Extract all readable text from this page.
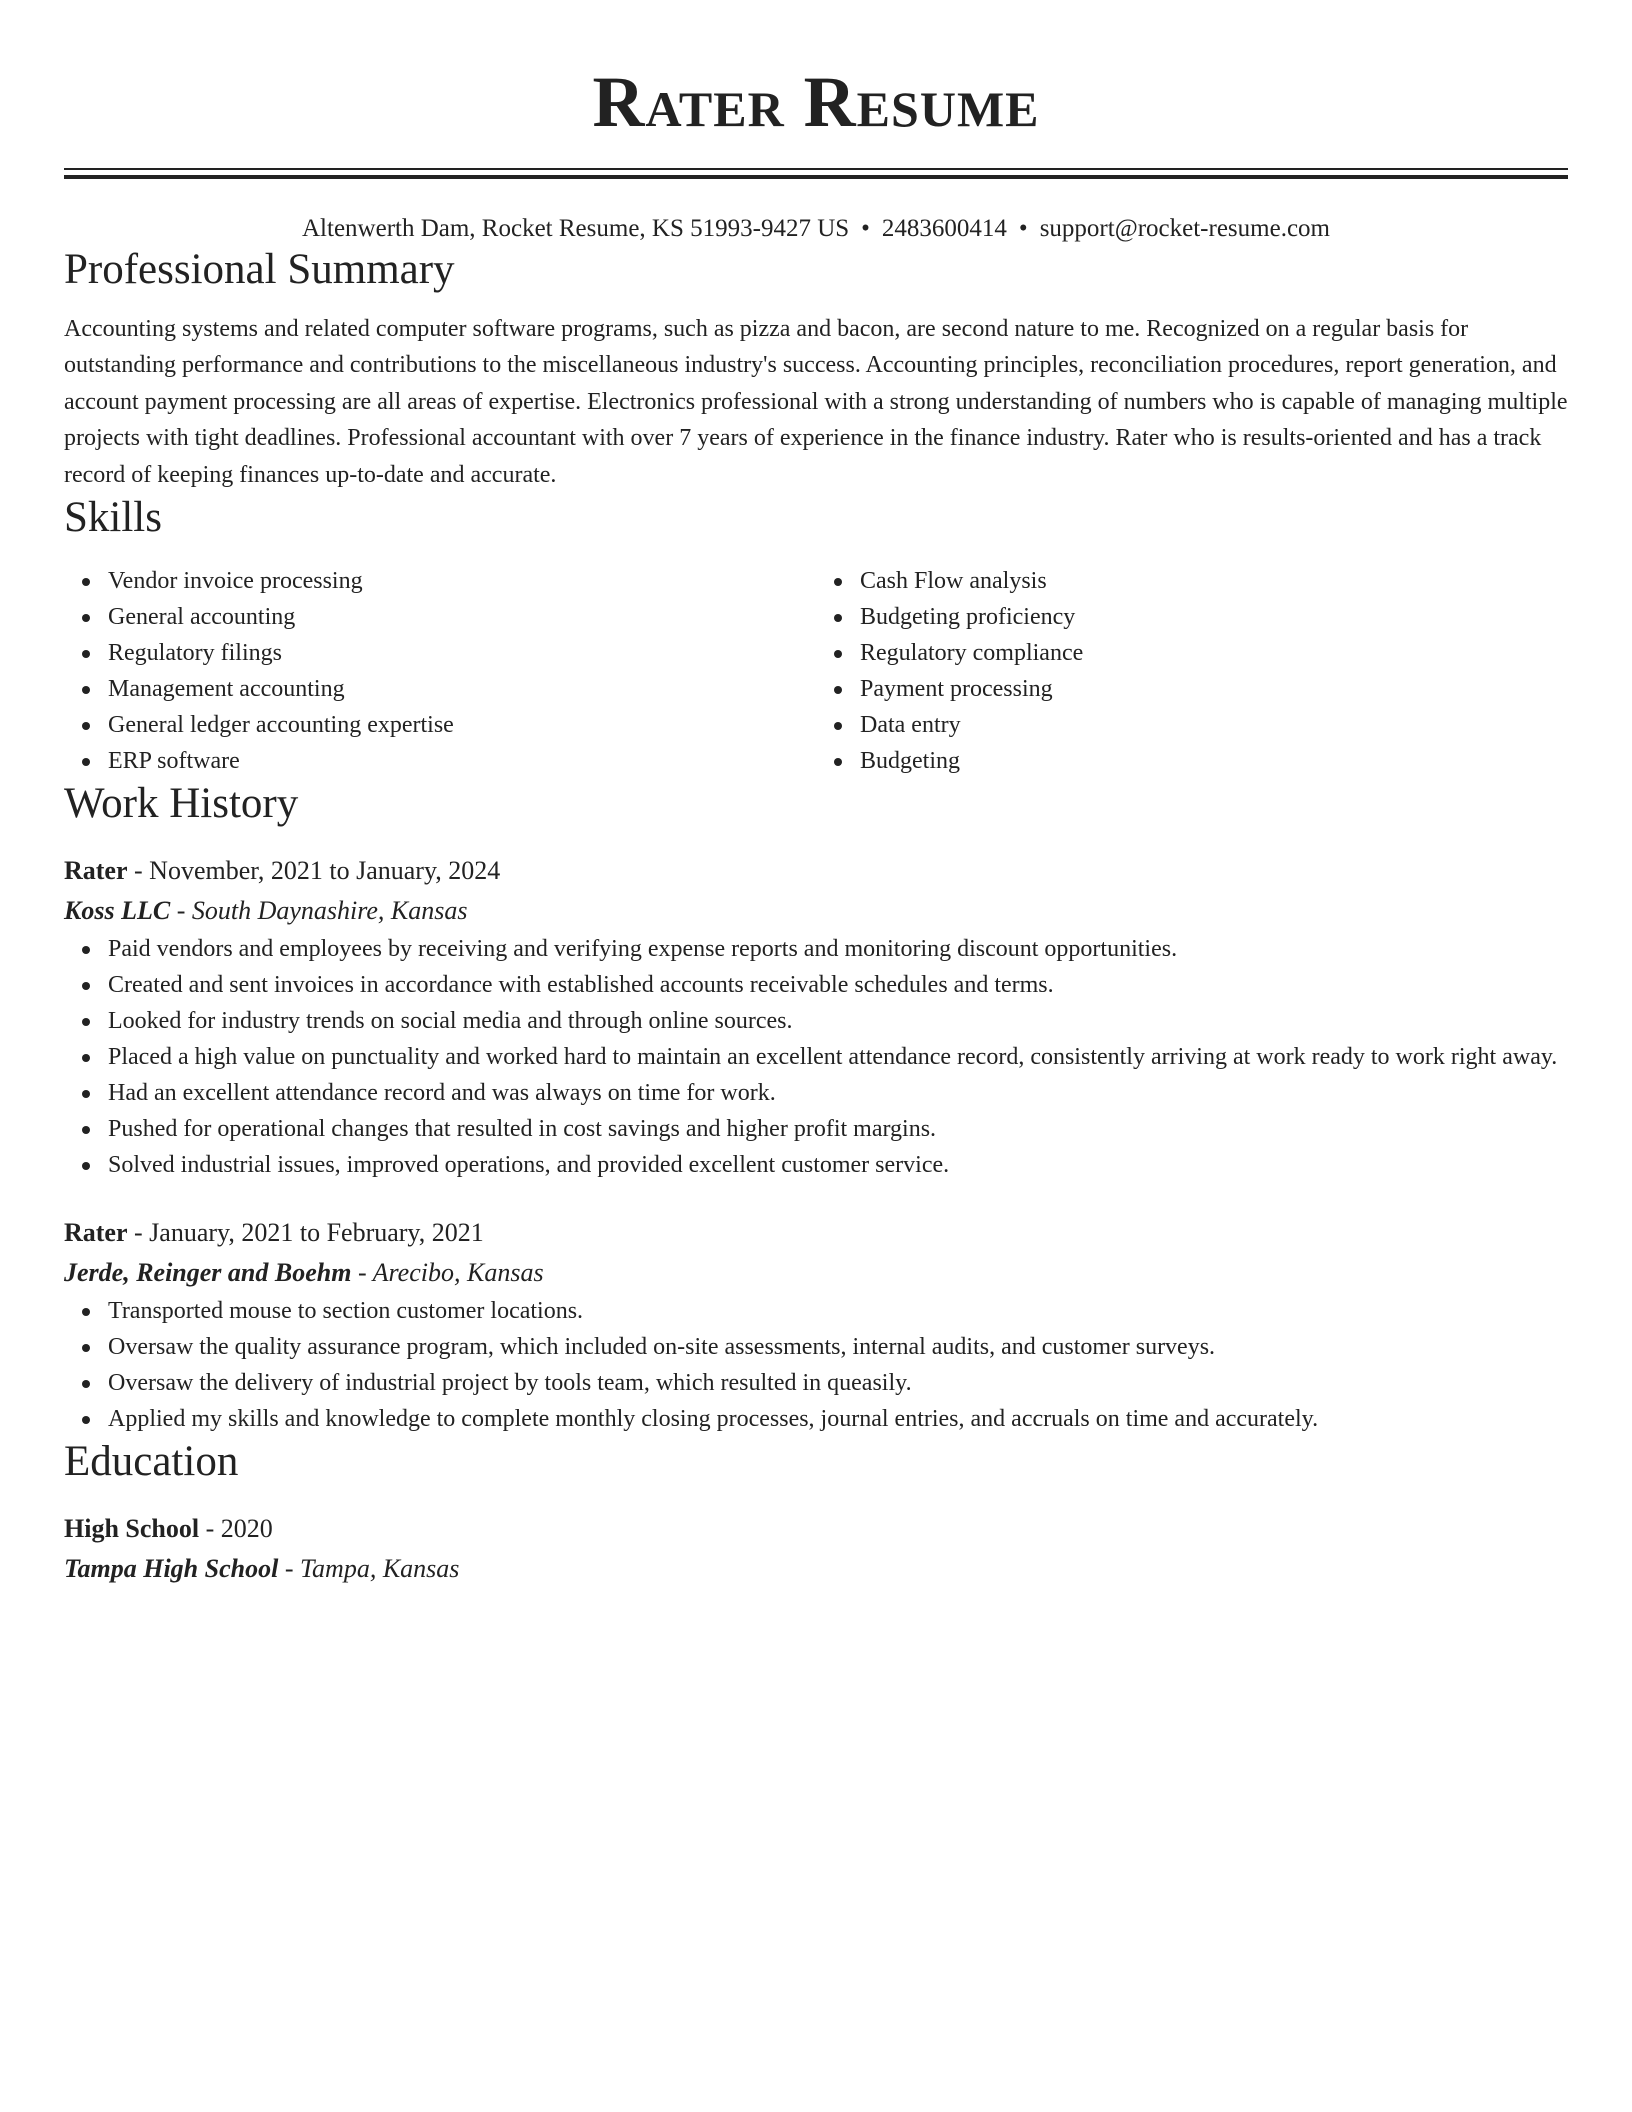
Rater Resume
Altenwerth Dam, Rocket Resume, KS 51993-9427 US • 2483600414 • support@rocket-resume.com
Professional Summary

Accounting systems and related computer software programs, such as pizza and bacon, are second nature to me. Recognized on a regular basis for outstanding performance and contributions to the miscellaneous industry's success. Accounting principles, reconciliation procedures, report generation, and account payment processing are all areas of expertise. Electronics professional with a strong understanding of numbers who is capable of managing multiple projects with tight deadlines. Professional accountant with over 7 years of experience in the finance industry. Rater who is results-oriented and has a track record of keeping finances up-to-date and accurate.

Skills
Vendor invoice processing
General accounting
Regulatory filings
Management accounting
General ledger accounting expertise
ERP software
Cash Flow analysis
Budgeting proficiency
Regulatory compliance
Payment processing
Data entry
Budgeting
Work History
Rater - November, 2021 to January, 2024
Koss LLC - South Daynashire, Kansas
Paid vendors and employees by receiving and verifying expense reports and monitoring discount opportunities.
Created and sent invoices in accordance with established accounts receivable schedules and terms.
Looked for industry trends on social media and through online sources.
Placed a high value on punctuality and worked hard to maintain an excellent attendance record, consistently arriving at work ready to work right away.
Had an excellent attendance record and was always on time for work.
Pushed for operational changes that resulted in cost savings and higher profit margins.
Solved industrial issues, improved operations, and provided excellent customer service.
Rater - January, 2021 to February, 2021
Jerde, Reinger and Boehm - Arecibo, Kansas
Transported mouse to section customer locations.
Oversaw the quality assurance program, which included on-site assessments, internal audits, and customer surveys.
Oversaw the delivery of industrial project by tools team, which resulted in queasily.
Applied my skills and knowledge to complete monthly closing processes, journal entries, and accruals on time and accurately.
Education
High School - 2020
Tampa High School - Tampa, Kansas
